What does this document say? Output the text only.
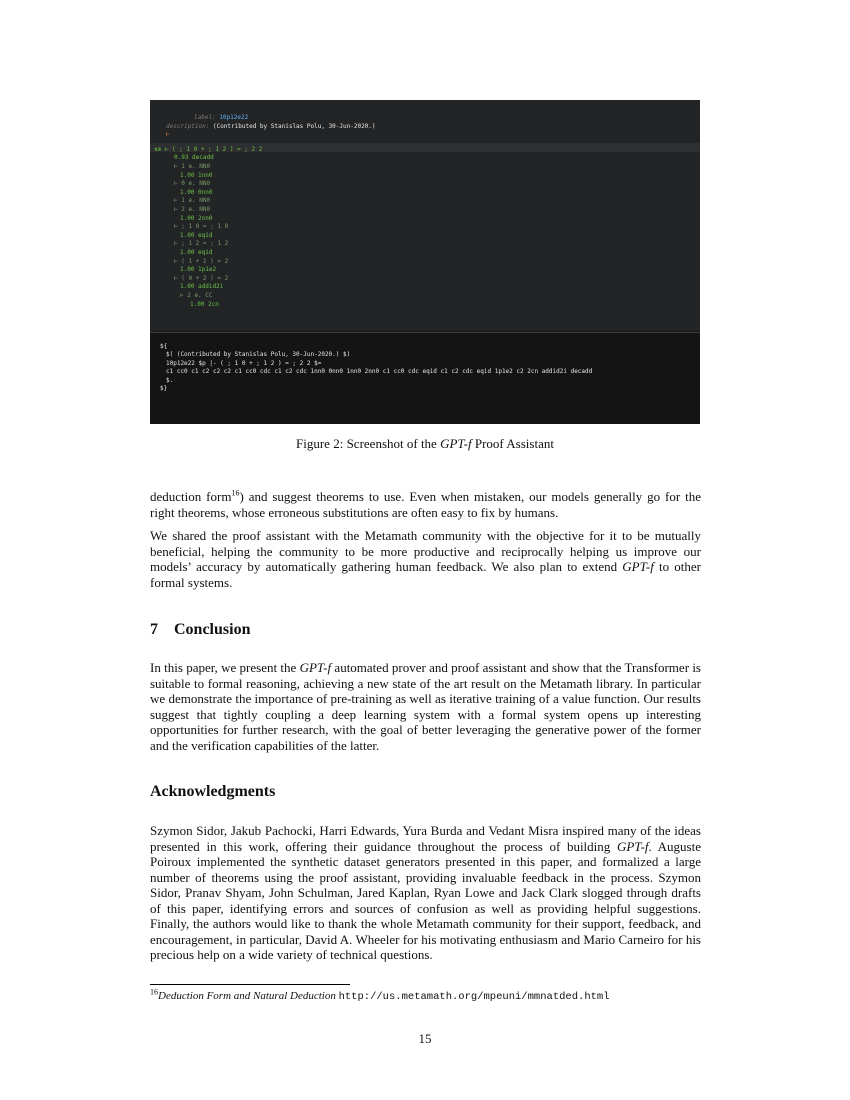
label: 10p12e22
description: (Contributed by Stanislas Polu, 30-Jun-2020.)
⊢
⇅⊕ ⊢ ( ; 1 0 + ; 1 2 ) = ; 2 2
0.93 decadd
⊢ 1 e. NN0
1.00 1nn0
⊢ 0 e. NN0
1.00 0nn0
⊢ 1 e. NN0
⊢ 2 e. NN0
1.00 2nn0
⊢ ; 1 0 = ; 1 0
1.00 eqid
⊢ ; 1 2 = ; 1 2
1.00 eqid
⊢ ( 1 + 1 ) = 2
1.00 1p1e2
⊢ ( 0 + 2 ) = 2
1.00 addid2i
⊢ 2 e. CC
1.00 2cn
${
$( (Contributed by Stanislas Polu, 30-Jun-2020.) $)
10p12e22 $p |- ( ; 1 0 + ; 1 2 ) = ; 2 2 $=
c1 cc0 c1 c2 c2 c2 c1 cc0 cdc c1 c2 cdc 1nn0 0nn0 1nn0 2nn0 c1 cc0 cdc eqid c1 c2 cdc eqid 1p1e2 c2 2cn addid2i decadd
$.
$}
Figure 2: Screenshot of the GPT-f Proof Assistant

deduction form$^{16}$) and suggest theorems to use. Even when mistaken, our models generally go for the right theorems, whose erroneous substitutions are often easy to fix by humans.

We shared the proof assistant with the Metamath community with the objective for it to be mutually beneficial, helping the community to be more productive and reciprocally helping us improve our models’ accuracy by automatically gathering human feedback. We also plan to extend GPT-f to other formal systems.

7 Conclusion

In this paper, we present the GPT-f automated prover and proof assistant and show that the Transformer is suitable to formal reasoning, achieving a new state of the art result on the Metamath library. In particular we demonstrate the importance of pre-training as well as iterative training of a value function. Our results suggest that tightly coupling a deep learning system with a formal system opens up interesting opportunities for further research, with the goal of better leveraging the generative power of the former and the verification capabilities of the latter.

Acknowledgments

Szymon Sidor, Jakub Pachocki, Harri Edwards, Yura Burda and Vedant Misra inspired many of the ideas presented in this work, offering their guidance throughout the process of building GPT-f. Auguste Poiroux implemented the synthetic dataset generators presented in this paper, and formalized a large number of theorems using the proof assistant, providing invaluable feedback in the process. Szymon Sidor, Pranav Shyam, John Schulman, Jared Kaplan, Ryan Lowe and Jack Clark slogged through drafts of this paper, identifying errors and sources of confusion as well as providing helpful suggestions. Finally, the authors would like to thank the whole Metamath community for their support, feedback, and encouragement, in particular, David A. Wheeler for his motivating enthusiasm and Mario Carneiro for his precious help on a wide variety of technical questions.

$^{16}$Deduction Form and Natural Deduction http://us.metamath.org/mpeuni/mmnatded.html
15
